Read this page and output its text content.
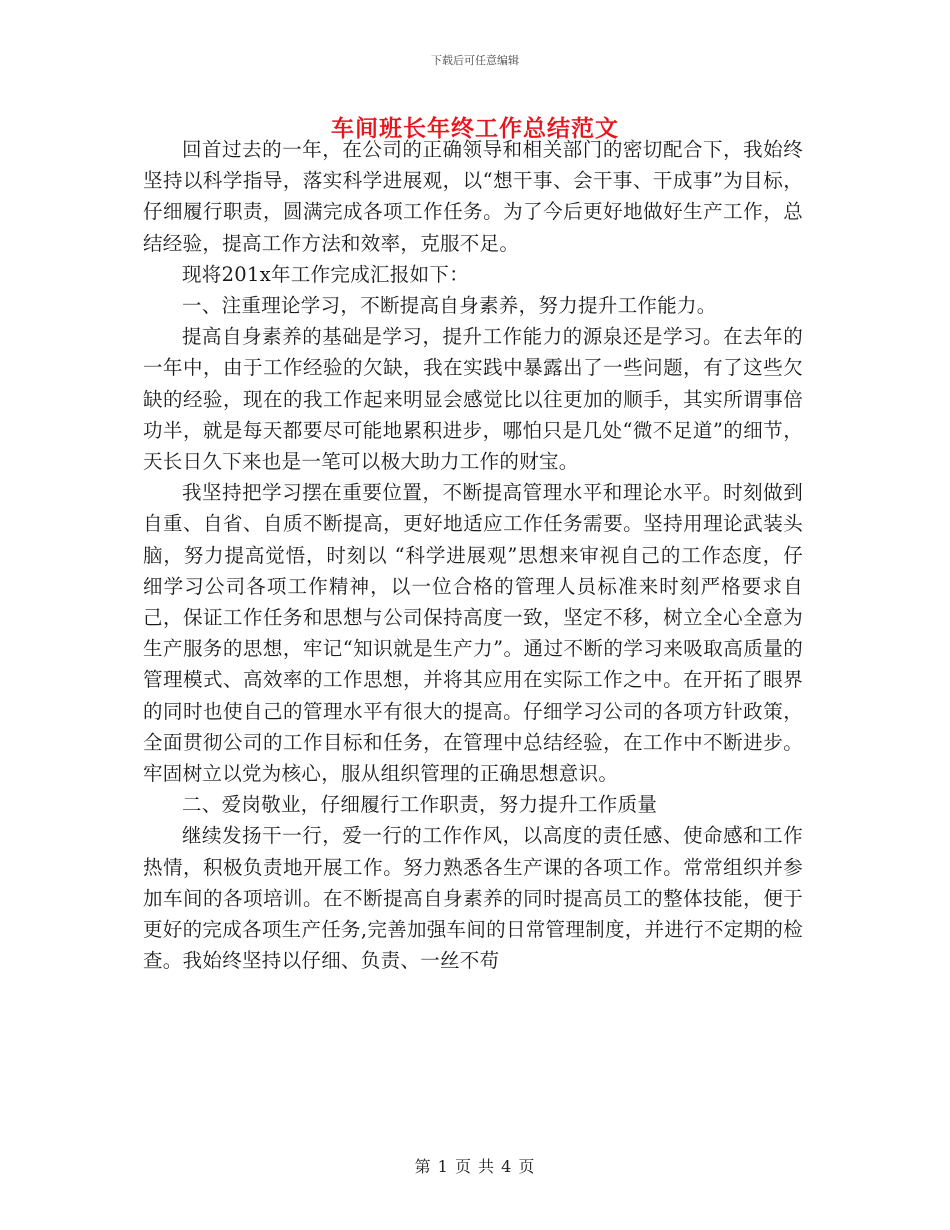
下载后可任意编辑
车间班长年终工作总结范文

回首过去的一年，在公司的正确领导和相关部门的密切配合下，我始终坚持以科学指导，落实科学进展观，以“想干事、会干事、干成事”为目标，仔细履行职责，圆满完成各项工作任务。为了今后更好地做好生产工作，总结经验，提高工作方法和效率，克服不足。

现将201x年工作完成汇报如下：

一、注重理论学习，不断提高自身素养，努力提升工作能力。

提高自身素养的基础是学习，提升工作能力的源泉还是学习。在去年的一年中，由于工作经验的欠缺，我在实践中暴露出了一些问题，有了这些欠缺的经验，现在的我工作起来明显会感觉比以往更加的顺手，其实所谓事倍功半，就是每天都要尽可能地累积进步，哪怕只是几处“微不足道”的细节，天长日久下来也是一笔可以极大助力工作的财宝。

我坚持把学习摆在重要位置，不断提高管理水平和理论水平。时刻做到自重、自省、自质不断提高，更好地适应工作任务需要。坚持用理论武装头脑，努力提高觉悟，时刻以 “科学进展观”思想来审视自己的工作态度，仔细学习公司各项工作精神，以一位合格的管理人员标准来时刻严格要求自己，保证工作任务和思想与公司保持高度一致，坚定不移，树立全心全意为生产服务的思想，牢记“知识就是生产力”。通过不断的学习来吸取高质量的管理模式、高效率的工作思想，并将其应用在实际工作之中。在开拓了眼界的同时也使自己的管理水平有很大的提高。仔细学习公司的各项方针政策，全面贯彻公司的工作目标和任务，在管理中总结经验，在工作中不断进步。牢固树立以党为核心，服从组织管理的正确思想意识。

二、爱岗敬业，仔细履行工作职责，努力提升工作质量

继续发扬干一行，爱一行的工作作风，以高度的责任感、使命感和工作热情，积极负责地开展工作。努力熟悉各生产课的各项工作。常常组织并参加车间的各项培训。在不断提高自身素养的同时提高员工的整体技能，便于更好的完成各项生产任务,完善加强车间的日常管理制度，并进行不定期的检查。我始终坚持以仔细、负责、一丝不苟

第 1 页 共 4 页
